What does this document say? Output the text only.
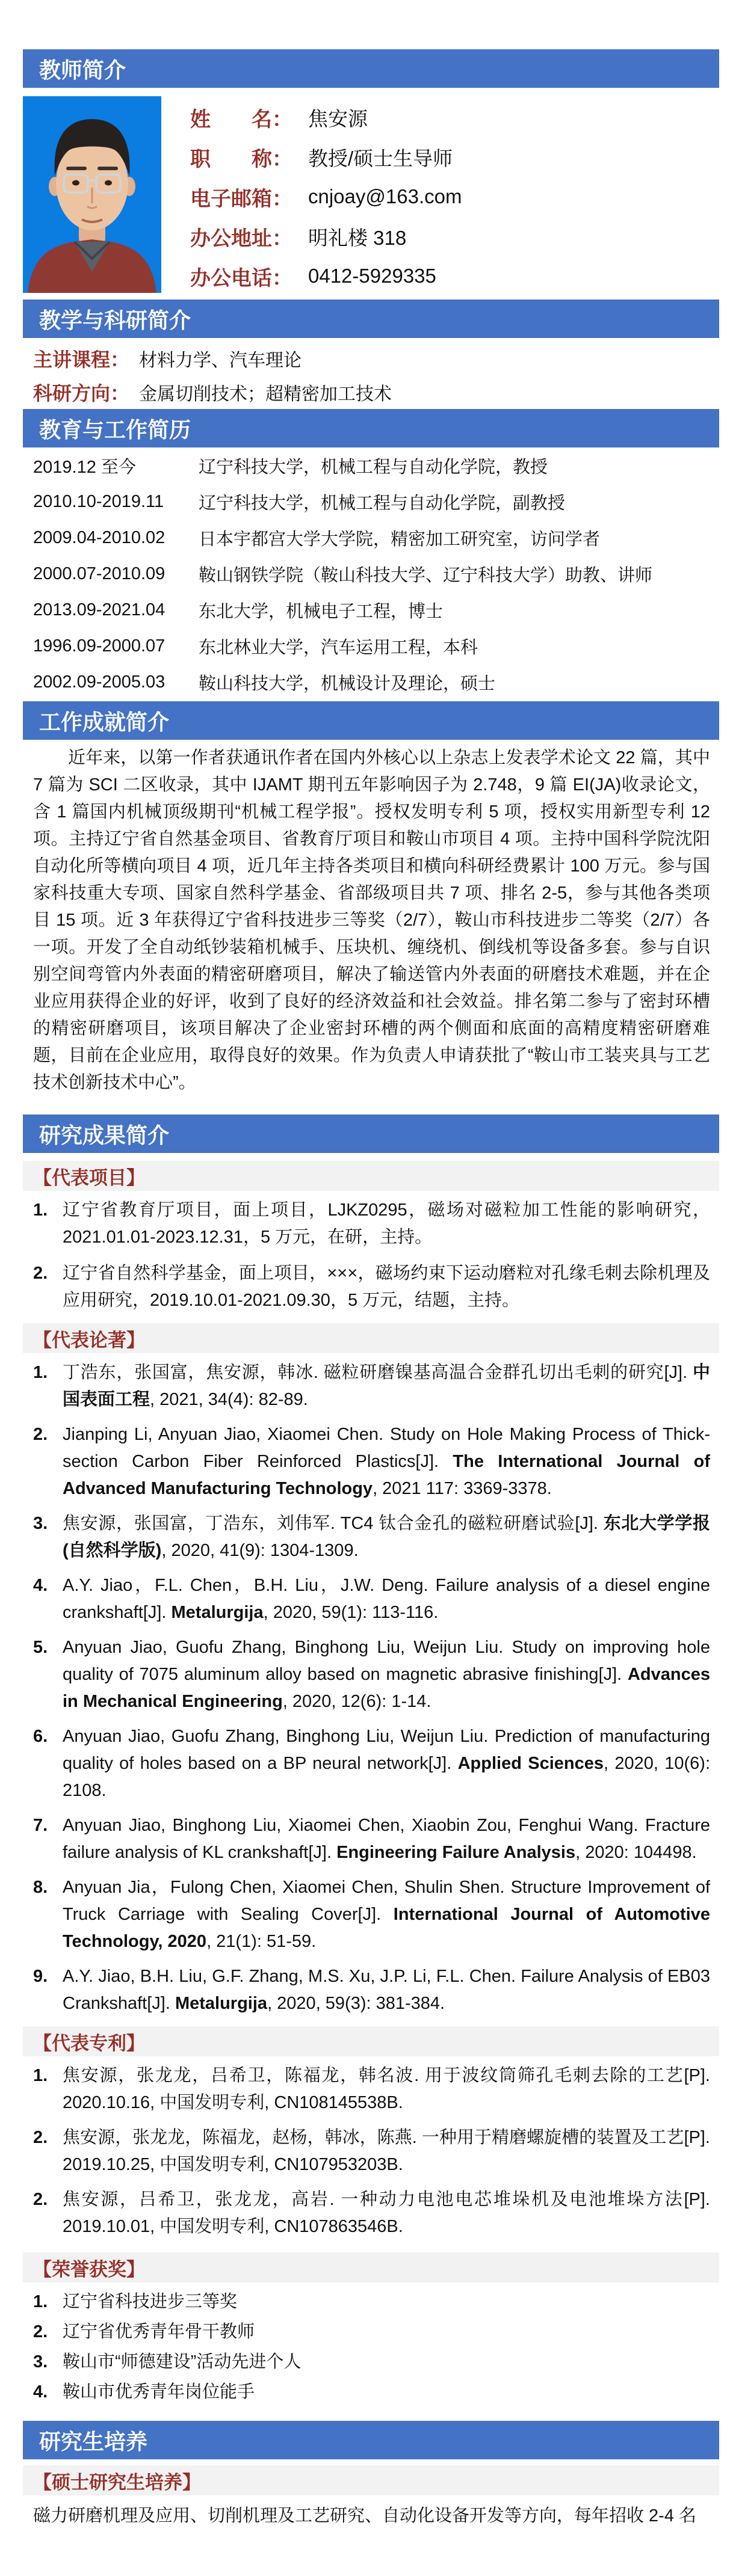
教师简介
姓　　名： 焦安源
职　　称： 教授/硕士生导师
电子邮箱： cnjoay@163.com
办公地址： 明礼楼 318
办公电话： 0412-5929335
教学与科研简介
主讲课程： 材料力学、汽车理论
科研方向： 金属切削技术；超精密加工技术
教育与工作简历
2019.12 至今	辽宁科技大学，机械工程与自动化学院，教授
2010.10-2019.11	辽宁科技大学，机械工程与自动化学院，副教授
2009.04-2010.02	日本宇都宫大学大学院，精密加工研究室，访问学者
2000.07-2010.09	鞍山钢铁学院（鞍山科技大学、辽宁科技大学）助教、讲师
2013.09-2021.04	东北大学，机械电子工程，博士
1996.09-2000.07	东北林业大学，汽车运用工程，本科
2002.09-2005.03	鞍山科技大学，机械设计及理论，硕士
工作成就简介

近年来，以第一作者获通讯作者在国内外核心以上杂志上发表学术论文 22 篇，其中 7 篇为 SCI 二区收录，其中 IJAMT 期刊五年影响因子为 2.748，9 篇 EI(JA)收录论文，含 1 篇国内机械顶级期刊“机械工程学报”。授权发明专利 5 项，授权实用新型专利 12 项。主持辽宁省自然基金项目、省教育厅项目和鞍山市项目 4 项。主持中国科学院沈阳自动化所等横向项目 4 项，近几年主持各类项目和横向科研经费累计 100 万元。参与国家科技重大专项、国家自然科学基金、省部级项目共 7 项、排名 2-5，参与其他各类项目 15 项。近 3 年获得辽宁省科技进步三等奖（2/7），鞍山市科技进步二等奖（2/7）各一项。开发了全自动纸钞装箱机械手、压块机、缠绕机、倒线机等设备多套。参与自识别空间弯管内外表面的精密研磨项目，解决了输送管内外表面的研磨技术难题，并在企业应用获得企业的好评，收到了良好的经济效益和社会效益。排名第二参与了密封环槽的精密研磨项目，该项目解决了企业密封环槽的两个侧面和底面的高精度精密研磨难题，目前在企业应用，取得良好的效果。作为负责人申请获批了“鞍山市工装夹具与工艺技术创新技术中心”。

研究成果简介
【代表项目】
1. 辽宁省教育厅项目，面上项目，LJKZ0295，磁场对磁粒加工性能的影响研究，2021.01.01-2023.12.31，5 万元，在研，主持。
2. 辽宁省自然科学基金，面上项目，×××，磁场约束下运动磨粒对孔缘毛刺去除机理及应用研究，2019.10.01-2021.09.30，5 万元，结题，主持。
【代表论著】
1. 丁浩东，张国富，焦安源，韩冰. 磁粒研磨镍基高温合金群孔切出毛刺的研究[J]. 中国表面工程, 2021, 34(4): 82-89.
2. Jianping Li, Anyuan Jiao, Xiaomei Chen. Study on Hole Making Process of Thick-section Carbon Fiber Reinforced Plastics[J]. The International Journal of Advanced Manufacturing Technology, 2021 117: 3369-3378.
3. 焦安源，张国富，丁浩东，刘伟军. TC4 钛合金孔的磁粒研磨试验[J]. 东北大学学报(自然科学版), 2020, 41(9): 1304-1309.
4. A.Y. Jiao，F.L. Chen，B.H. Liu，J.W. Deng. Failure analysis of a diesel engine crankshaft[J]. Metalurgija, 2020, 59(1): 113-116.
5. Anyuan Jiao, Guofu Zhang, Binghong Liu, Weijun Liu. Study on improving hole quality of 7075 aluminum alloy based on magnetic abrasive finishing[J]. Advances in Mechanical Engineering, 2020, 12(6): 1-14.
6. Anyuan Jiao, Guofu Zhang, Binghong Liu, Weijun Liu. Prediction of manufacturing quality of holes based on a BP neural network[J]. Applied Sciences, 2020, 10(6): 2108.
7. Anyuan Jiao, Binghong Liu, Xiaomei Chen, Xiaobin Zou, Fenghui Wang. Fracture failure analysis of KL crankshaft[J]. Engineering Failure Analysis, 2020: 104498.
8. Anyuan Jia，Fulong Chen, Xiaomei Chen, Shulin Shen. Structure Improvement of Truck Carriage with Sealing Cover[J]. International Journal of Automotive Technology, 2020, 21(1): 51-59.
9. A.Y. Jiao, B.H. Liu, G.F. Zhang, M.S. Xu, J.P. Li, F.L. Chen. Failure Analysis of EB03 Crankshaft[J]. Metalurgija, 2020, 59(3): 381-384.
【代表专利】
1. 焦安源，张龙龙，吕希卫，陈福龙，韩名波. 用于波纹筒筛孔毛刺去除的工艺[P]. 2020.10.16, 中国发明专利, CN108145538B.
2. 焦安源，张龙龙，陈福龙，赵杨，韩冰，陈燕. 一种用于精磨螺旋槽的装置及工艺[P]. 2019.10.25, 中国发明专利, CN107953203B.
2. 焦安源，吕希卫，张龙龙，高岩. 一种动力电池电芯堆垛机及电池堆垛方法[P]. 2019.10.01, 中国发明专利, CN107863546B.
【荣誉获奖】
1. 辽宁省科技进步三等奖
2. 辽宁省优秀青年骨干教师
3. 鞍山市“师德建设”活动先进个人
4. 鞍山市优秀青年岗位能手
研究生培养
【硕士研究生培养】

磁力研磨机理及应用、切削机理及工艺研究、自动化设备开发等方向，每年招收 2-4 名
